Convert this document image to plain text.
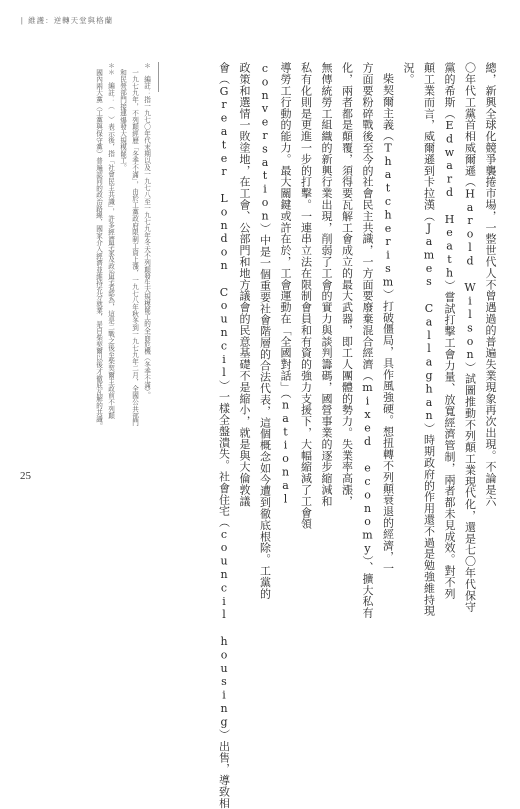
∣ 維護：逆轉天堂與格蘭
總，新興全球化競爭襲捲市場，一整世代人不曾遇過的普遍失業現象再次出現。不論是六
〇年代工黨首相威爾遜（Harold Wilson）試圖推動不列顛工業現代化，還是七〇年代保守
黨的希斯（Edward Heath）嘗試打擊工會力量、放寬經濟管制，兩者都未見成效。對不列
顛工業而言，威爾遜到卡拉漢（James Callaghan）時期政府的作用還不過是勉強維持現
況。
柴契爾主義（Thatcherism）打破僵局，具作風強硬。想扭轉不列顛衰退的經濟，一
方面要粉碎戰後至今的社會民主共識，一方面要廢棄混合經濟（mixed economy）、擴大私有
化，兩者都是顛覆，須得要瓦解工會成立的最大武器，即工人團體的勢力。失業率高漲，
無傳統勞工組織的新興行業出現，削弱了工會的實力與談判籌碼，國營事業的逐步縮減和
私有化則是更進一步的打擊。一連串立法在限制會員和有資的強力支援下，大幅縮減了工會領
導勞工行動的能力。最大關鍵或許在於，工會運動在「全國對話」（national
conversation）中是一個重要社會階層的合法代表，這個概念如今遭到徹底根除。工黨的
政策和選情一敗塗地，在工會、公部門和地方議會的民意基礎不是縮小，就是與大倫敦議
會（Greater London Council）一樣全盤潰失。社會住宅（council housing）出售，導致相
＊　編註：指一九七〇年代末期以及一九七八至一九七九年冬天不列顛發生大規模罷工的全面危機（冬季不滿）。
一九七九年，不列顛經歷「冬季不滿」，由於工黨政府限制工資上漲，一九七八年秋冬到一九七九年二月，全國公共部門
和民營部門接連爆發大規模罷工。
＊＊　編註：（　）表示後，指「社會民主共識」，許多經濟學家及政治學者認為，這是二戰之後至柴契爾主政前不列顛
國內兩大黨（工黨與保守黨）普遍認同的政治路線，國家介入經濟並維持充分就業，是自柴契爾以後才徹底瓦解的共識。
25
